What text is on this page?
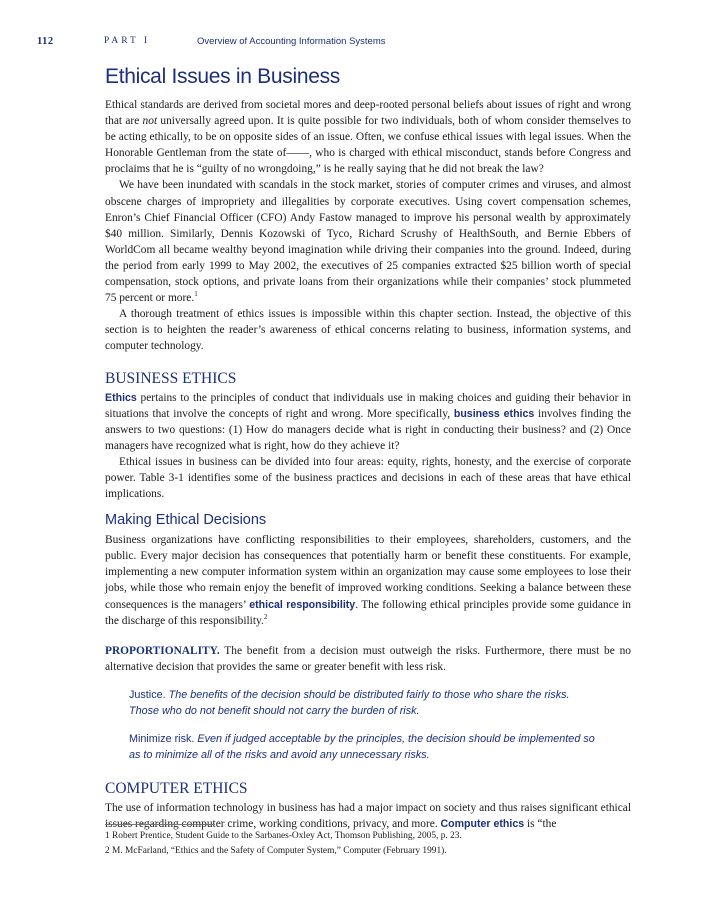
112	PART I	Overview of Accounting Information Systems
Ethical Issues in Business

Ethical standards are derived from societal mores and deep-rooted personal beliefs about issues of right and wrong that are not universally agreed upon. It is quite possible for two individuals, both of whom consider themselves to be acting ethically, to be on opposite sides of an issue. Often, we confuse ethical issues with legal issues. When the Honorable Gentleman from the state of——, who is charged with ethical misconduct, stands before Congress and proclaims that he is “guilty of no wrongdoing,” is he really saying that he did not break the law?

We have been inundated with scandals in the stock market, stories of computer crimes and viruses, and almost obscene charges of impropriety and illegalities by corporate executives. Using covert compensation schemes, Enron’s Chief Financial Officer (CFO) Andy Fastow managed to improve his personal wealth by approximately $40 million. Similarly, Dennis Kozowski of Tyco, Richard Scrushy of HealthSouth, and Bernie Ebbers of WorldCom all became wealthy beyond imagination while driving their companies into the ground. Indeed, during the period from early 1999 to May 2002, the executives of 25 companies extracted $25 billion worth of special compensation, stock options, and private loans from their organizations while their companies’ stock plummeted 75 percent or more.$^1$

A thorough treatment of ethics issues is impossible within this chapter section. Instead, the objective of this section is to heighten the reader’s awareness of ethical concerns relating to business, information systems, and computer technology.

BUSINESS ETHICS

Ethics pertains to the principles of conduct that individuals use in making choices and guiding their behavior in situations that involve the concepts of right and wrong. More specifically, business ethics involves finding the answers to two questions: (1) How do managers decide what is right in conducting their business? and (2) Once managers have recognized what is right, how do they achieve it?

Ethical issues in business can be divided into four areas: equity, rights, honesty, and the exercise of corporate power. Table 3-1 identifies some of the business practices and decisions in each of these areas that have ethical implications.

Making Ethical Decisions

Business organizations have conflicting responsibilities to their employees, shareholders, customers, and the public. Every major decision has consequences that potentially harm or benefit these constituents. For example, implementing a new computer information system within an organization may cause some employees to lose their jobs, while those who remain enjoy the benefit of improved working conditions. Seeking a balance between these consequences is the managers’ ethical responsibility. The following ethical principles provide some guidance in the discharge of this responsibility.$^2$

PROPORTIONALITY. The benefit from a decision must outweigh the risks. Furthermore, there must be no alternative decision that provides the same or greater benefit with less risk.

Justice. The benefits of the decision should be distributed fairly to those who share the risks. Those who do not benefit should not carry the burden of risk.
Minimize risk. Even if judged acceptable by the principles, the decision should be implemented so as to minimize all of the risks and avoid any unnecessary risks.
COMPUTER ETHICS

The use of information technology in business has had a major impact on society and thus raises significant ethical issues regarding computer crime, working conditions, privacy, and more. Computer ethics is “the

1 Robert Prentice, Student Guide to the Sarbanes-Oxley Act, Thomson Publishing, 2005, p. 23.
2 M. McFarland, “Ethics and the Safety of Computer System,” Computer (February 1991).
